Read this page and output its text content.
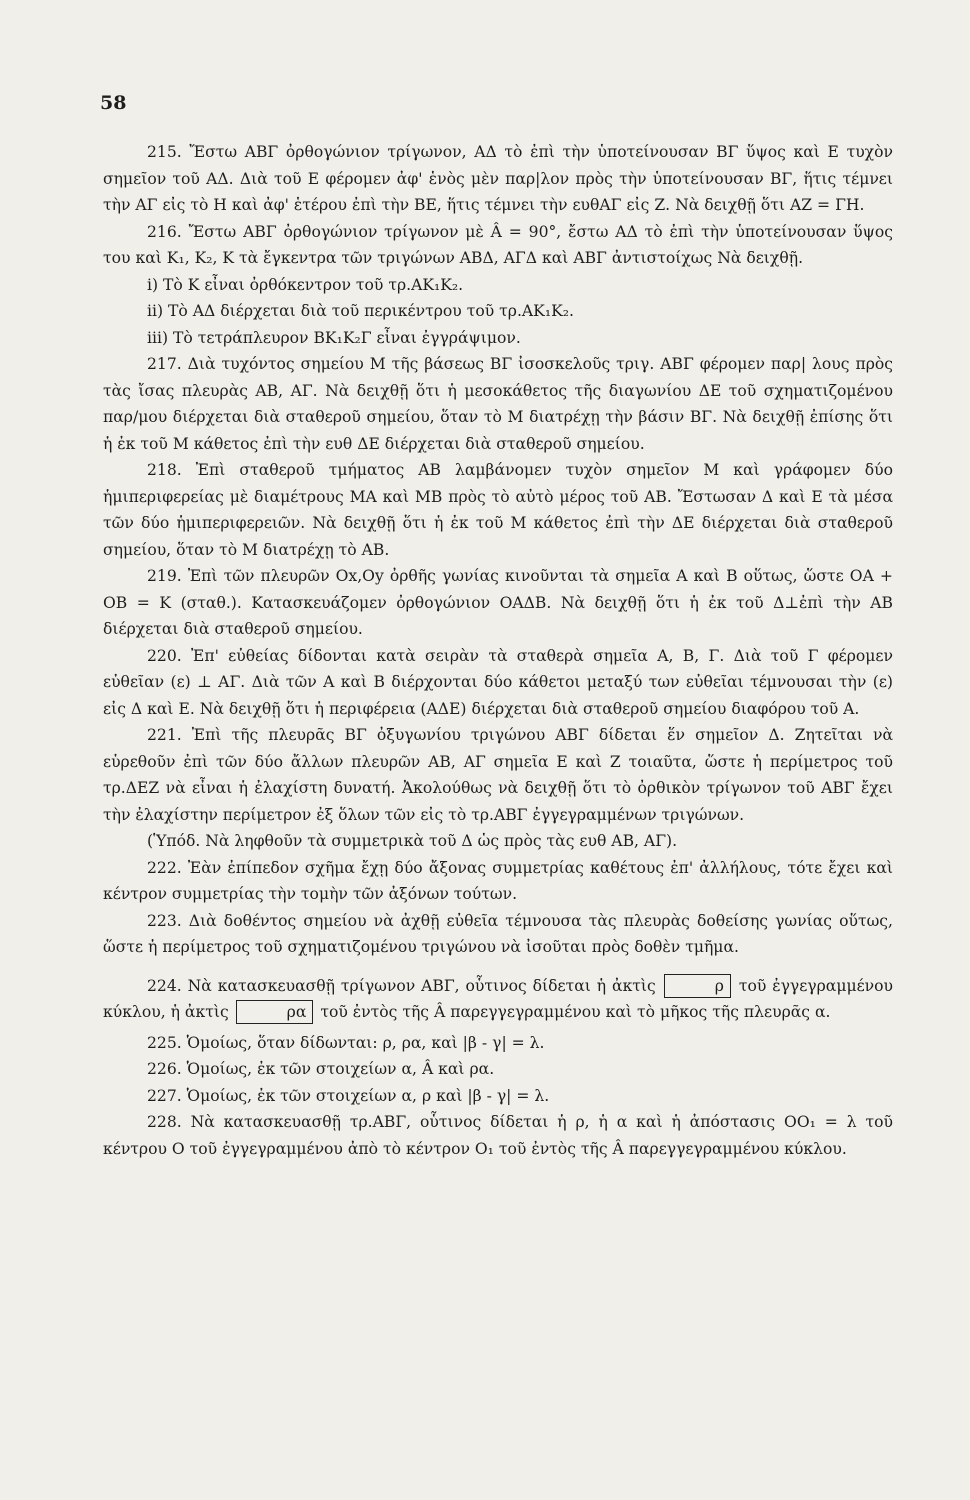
58

215. Ἔστω ΑΒΓ ὀρθογώνιον τρίγωνον, ΑΔ τὸ ἐπὶ τὴν ὑποτείνουσαν ΒΓ ὕψος καὶ Ε τυχὸν σημεῖον τοῦ ΑΔ. Διὰ τοῦ Ε φέρομεν ἀφ' ἑνὸς μὲν παρ|λον πρὸς τὴν ὑποτείνουσαν ΒΓ, ἥτις τέμνει τὴν ΑΓ εἰς τὸ Η καὶ ἀφ' ἑτέρου ἐπὶ τὴν ΒΕ, ἥτις τέμνει τὴν ευθΑΓ εἰς Ζ. Νὰ δειχθῇ ὅτι ΑΖ = ΓΗ.

216. Ἔστω ΑΒΓ ὀρθογώνιον τρίγωνον μὲ Â = 90°, ἔστω ΑΔ τὸ ἐπὶ τὴν ὑποτείνουσαν ὕψος του καὶ Κ₁, Κ₂, Κ τὰ ἔγκεντρα τῶν τριγώνων ΑΒΔ, ΑΓΔ καὶ ΑΒΓ ἀντιστοίχως Νὰ δειχθῇ.

i) Τὸ Κ εἶναι ὀρθόκεντρον τοῦ τρ.ΑΚ₁Κ₂.

ii) Τὸ ΑΔ διέρχεται διὰ τοῦ περικέντρου τοῦ τρ.ΑΚ₁Κ₂.

iii) Τὸ τετράπλευρον ΒΚ₁Κ₂Γ εἶναι ἐγγράψιμον.

217. Διὰ τυχόντος σημείου Μ τῆς βάσεως ΒΓ ἰσοσκελοῦς τριγ. ΑΒΓ φέρομεν παρ| λους πρὸς τὰς ἴσας πλευρὰς ΑΒ, ΑΓ. Νὰ δειχθῇ ὅτι ἡ μεσοκάθετος τῆς διαγωνίου ΔΕ τοῦ σχηματιζομένου παρ/μου διέρχεται διὰ σταθεροῦ σημείου, ὅταν τὸ Μ διατρέχῃ τὴν βάσιν ΒΓ. Νὰ δειχθῇ ἐπίσης ὅτι ἡ ἐκ τοῦ Μ κάθετος ἐπὶ τὴν ευθ ΔΕ διέρχεται διὰ σταθεροῦ σημείου.

218. Ἐπὶ σταθεροῦ τμήματος ΑΒ λαμβάνομεν τυχὸν σημεῖον Μ καὶ γράφομεν δύο ἡμιπεριφερείας μὲ διαμέτρους ΜΑ καὶ ΜΒ πρὸς τὸ αὐτὸ μέρος τοῦ ΑΒ. Ἔστωσαν Δ καὶ Ε τὰ μέσα τῶν δύο ἡμιπεριφερειῶν. Νὰ δειχθῇ ὅτι ἡ ἐκ τοῦ Μ κάθετος ἐπὶ τὴν ΔΕ διέρχεται διὰ σταθεροῦ σημείου, ὅταν τὸ Μ διατρέχῃ τὸ ΑΒ.

219. Ἐπὶ τῶν πλευρῶν Οx,Oy ὀρθῆς γωνίας κινοῦνται τὰ σημεῖα Α καὶ Β οὕτως, ὥστε ΟΑ + ΟΒ = Κ (σταθ.). Κατασκευάζομεν ὀρθογώνιον ΟΑΔΒ. Νὰ δειχθῇ ὅτι ἡ ἐκ τοῦ Δ⊥ἐπὶ τὴν ΑΒ διέρχεται διὰ σταθεροῦ σημείου.

220. Ἐπ' εὐθείας δίδονται κατὰ σειρὰν τὰ σταθερὰ σημεῖα Α, Β, Γ. Διὰ τοῦ Γ φέρομεν εὐθεῖαν (ε) ⊥ ΑΓ. Διὰ τῶν Α καὶ Β διέρχονται δύο κάθετοι μεταξύ των εὐθεῖαι τέμνουσαι τὴν (ε) εἰς Δ καὶ Ε. Νὰ δειχθῇ ὅτι ἡ περιφέρεια (ΑΔΕ) διέρχεται διὰ σταθεροῦ σημείου διαφόρου τοῦ Α.

221. Ἐπὶ τῆς πλευρᾶς ΒΓ ὀξυγωνίου τριγώνου ΑΒΓ δίδεται ἕν σημεῖον Δ. Ζητεῖται νὰ εὑρεθοῦν ἐπὶ τῶν δύο ἄλλων πλευρῶν ΑΒ, ΑΓ σημεῖα Ε καὶ Ζ τοιαῦτα, ὥστε ἡ περίμετρος τοῦ τρ.ΔΕΖ νὰ εἶναι ἡ ἐλαχίστη δυνατή. Ἀκολούθως νὰ δειχθῇ ὅτι τὸ ὀρθικὸν τρίγωνον τοῦ ΑΒΓ ἔχει τὴν ἐλαχίστην περίμετρον ἐξ ὅλων τῶν εἰς τὸ τρ.ΑΒΓ ἐγγεγραμμένων τριγώνων.

(Ὑπόδ. Νὰ ληφθοῦν τὰ συμμετρικὰ τοῦ Δ ὡς πρὸς τὰς ευθ ΑΒ, ΑΓ).

222. Ἐὰν ἐπίπεδον σχῆμα ἔχῃ δύο ἄξονας συμμετρίας καθέτους ἐπ' ἀλλήλους, τότε ἔχει καὶ κέντρον συμμετρίας τὴν τομὴν τῶν ἀξόνων τούτων.

223. Διὰ δοθέντος σημείου νὰ ἀχθῇ εὐθεῖα τέμνουσα τὰς πλευρὰς δοθείσης γωνίας οὕτως, ὥστε ἡ περίμετρος τοῦ σχηματιζομένου τριγώνου νὰ ἰσοῦται πρὸς δοθὲν τμῆμα.

224. Νὰ κατασκευασθῇ τρίγωνον ΑΒΓ, οὗτινος δίδεται ἡ ἀκτὶς	ρ τοῦ ἐγγεγραμμένου κύκλου, ἡ ἀκτὶς	ρα τοῦ ἐντὸς τῆς Â παρεγγεγραμμένου καὶ τὸ μῆκος τῆς πλευρᾶς α.

225. Ὁμοίως, ὅταν δίδωνται: ρ, ρα, καὶ |β - γ| = λ.

226. Ὁμοίως, ἐκ τῶν στοιχείων α, Â καὶ ρα.

227. Ὁμοίως, ἐκ τῶν στοιχείων α, ρ καὶ |β - γ| = λ.

228. Νὰ κατασκευασθῇ τρ.ΑΒΓ, οὗτινος δίδεται ἡ ρ, ἡ α καὶ ἡ ἀπόστασις ΟΟ₁ = λ τοῦ κέντρου Ο τοῦ ἐγγεγραμμένου ἀπὸ τὸ κέντρον Ο₁ τοῦ ἐντὸς τῆς Â παρεγγεγραμμένου κύκλου.
